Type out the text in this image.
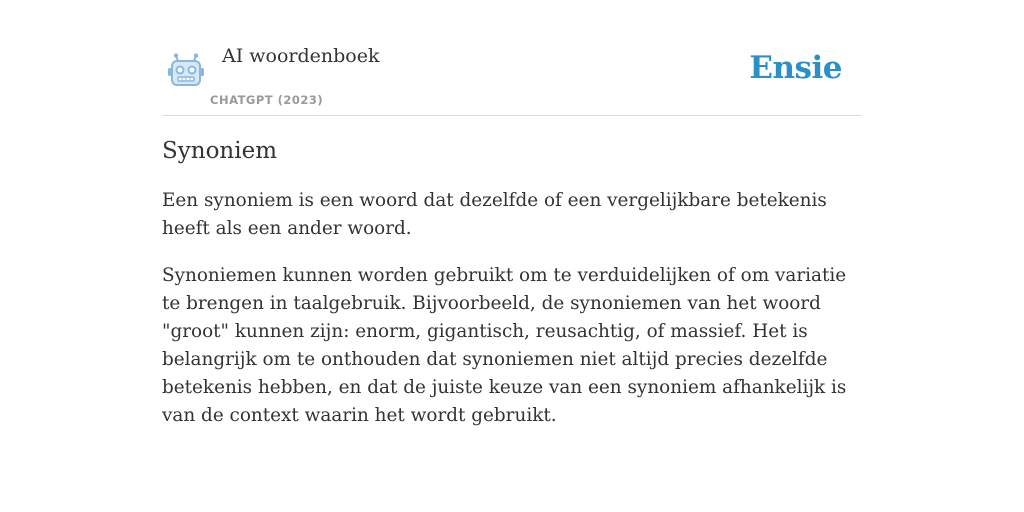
AI woordenboek
CHATGPT (2023)
Ensie
Synoniem

Een synoniem is een woord dat dezelfde of een vergelijkbare betekenis heeft als een ander woord.

Synoniemen kunnen worden gebruikt om te verduidelijken of om variatie te brengen in taalgebruik. Bijvoorbeeld, de synoniemen van het woord "groot" kunnen zijn: enorm, gigantisch, reusachtig, of massief. Het is belangrijk om te onthouden dat synoniemen niet altijd precies dezelfde betekenis hebben, en dat de juiste keuze van een synoniem afhankelijk is van de context waarin het wordt gebruikt.
